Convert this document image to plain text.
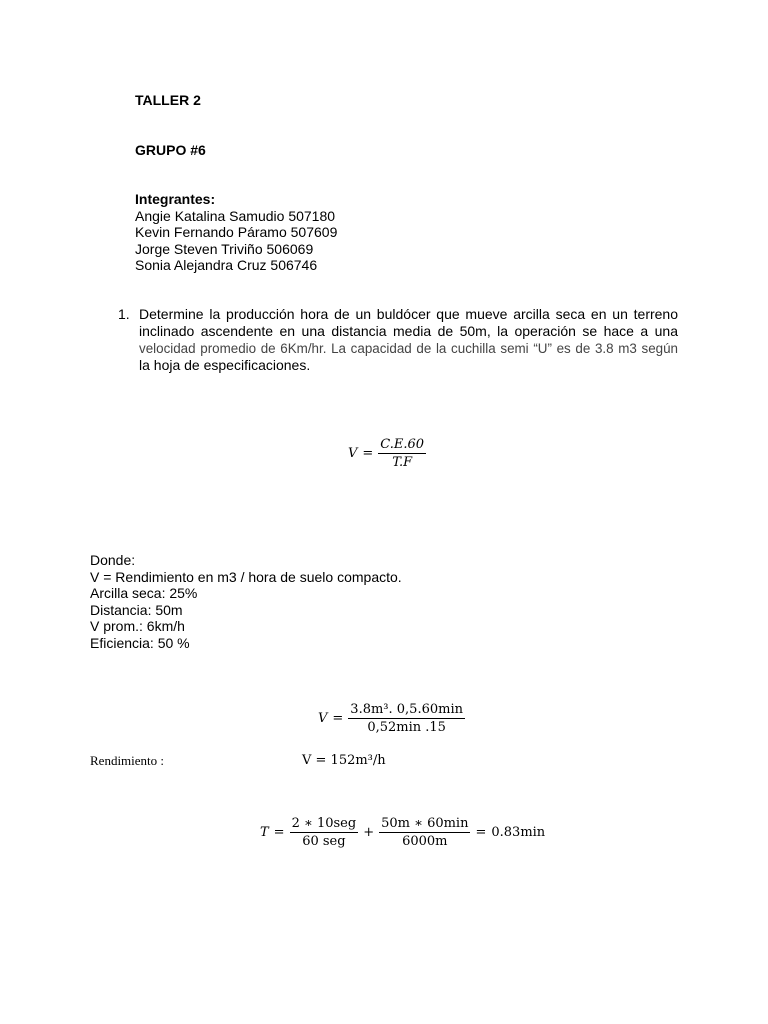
TALLER 2
GRUPO #6
Integrantes:
Angie Katalina Samudio 507180
Kevin Fernando Páramo 507609
Jorge Steven Triviño 506069
Sonia Alejandra Cruz 506746
1. Determine la producción hora de un buldócer que mueve arcilla seca en un terreno inclinado ascendente en una distancia media de 50m, la operación se hace a una velocidad promedio de 6Km/hr. La capacidad de la cuchilla semi “U” es de 3.8 m3 según la hoja de especificaciones.
$V = \frac{C.E.60}{T.F}$
Donde:
V = Rendimiento en m3 / hora de suelo compacto.
Arcilla seca: 25%
Distancia: 50m
V prom.: 6km/h
Eficiencia: 50 %
$V = \frac{\text{3.8m³. 0,5.60min}}{0,52\min .15}$
Rendimiento :	V = 152m³/h
$T = \frac{\text{2 ∗ 10seg}}{\text{60 seg}} + \frac{50m ∗ 60\min}{6000m} = 0.83\min$
